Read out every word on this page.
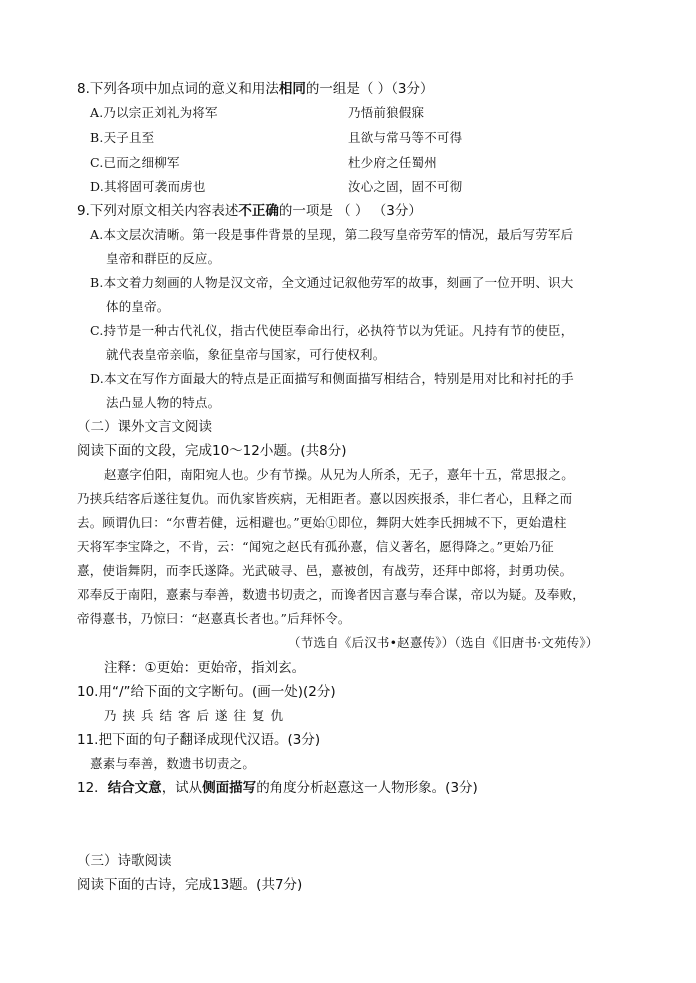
8.下列各项中加点词的意义和用法相同的一组是（ ）（3分）
A.乃以宗正刘礼为将军	乃悟前狼假寐
B.天子且至	且欲与常马等不可得
C.已而之细柳军	杜少府之任蜀州
D.其将固可袭而虏也	汝心之固，固不可彻
9.下列对原文相关内容表述不正确的一项是 （ ） （3分）
A.本文层次清晰。第一段是事件背景的呈现，第二段写皇帝劳军的情况，最后写劳军后
皇帝和群臣的反应。
B.本文着力刻画的人物是汉文帝，全文通过记叙他劳军的故事，刻画了一位开明、识大
体的皇帝。
C.持节是一种古代礼仪，指古代使臣奉命出行，必执符节以为凭证。凡持有节的使臣，
就代表皇帝亲临，象征皇帝与国家，可行使权利。
D.本文在写作方面最大的特点是正面描写和侧面描写相结合，特别是用对比和衬托的手
法凸显人物的特点。
（二）课外文言文阅读
阅读下面的文段，完成10～12小题。(共8分)
赵憙字伯阳，南阳宛人也。少有节操。从兄为人所杀，无子，憙年十五，常思报之。
乃挟兵结客后遂往复仇。而仇家皆疾病，无相距者。憙以因疾报杀，非仁者心，且释之而
去。顾谓仇曰：“尔曹若健，远相避也。”更始①即位，舞阴大姓李氏拥城不下，更始遣柱
天将军李宝降之，不肯，云：“闻宛之赵氏有孤孙憙，信义著名，愿得降之。”更始乃征
憙，使诣舞阴，而李氏遂降。光武破寻、邑，憙被创，有战劳，还拜中郎将，封勇功侯。
邓奉反于南阳，憙素与奉善，数遗书切责之，而谗者因言憙与奉合谋，帝以为疑。及奉败，
帝得憙书，乃惊曰：“赵憙真长者也。”后拜怀令。
（节选自《后汉书•赵憙传》）（选自《旧唐书·文苑传》）
注释：①更始：更始帝，指刘玄。
10.用“/”给下面的文字断句。(画一处)(2分)
乃挟兵结客后遂往复仇
11.把下面的句子翻译成现代汉语。(3分)
憙素与奉善，数遗书切责之。
12．结合文意，试从侧面描写的角度分析赵憙这一人物形象。(3分)
（三）诗歌阅读
阅读下面的古诗，完成13题。(共7分)
